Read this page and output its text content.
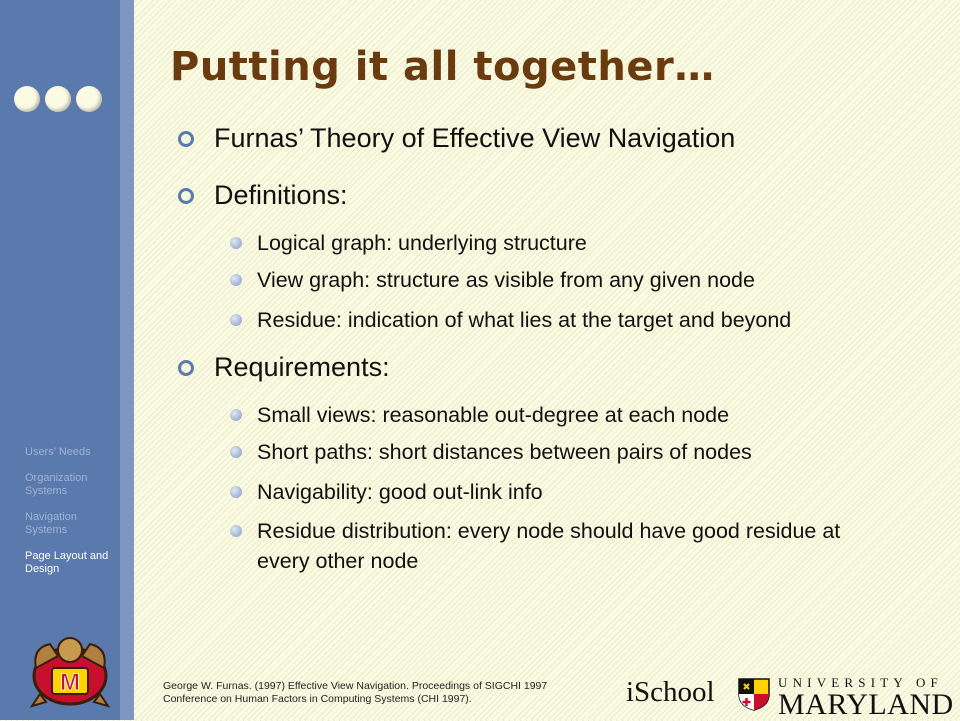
Users’ Needs
Organization Systems
Navigation Systems
Page Layout and Design
M
Putting it all together…
Furnas’ Theory of Effective View Navigation
Definitions:
Logical graph: underlying structure
View graph: structure as visible from any given node
Residue: indication of what lies at the target and beyond
Requirements:
Small views: reasonable out-degree at each node
Short paths: short distances between pairs of nodes
Navigability: good out-link info
Residue distribution: every node should have good residue at every other node
George W. Furnas. (1997) Effective View Navigation. Proceedings of SIGCHI 1997 Conference on Human Factors in Computing Systems (CHI 1997).	iSchool	UNIVERSITY OF
MARYLAND
